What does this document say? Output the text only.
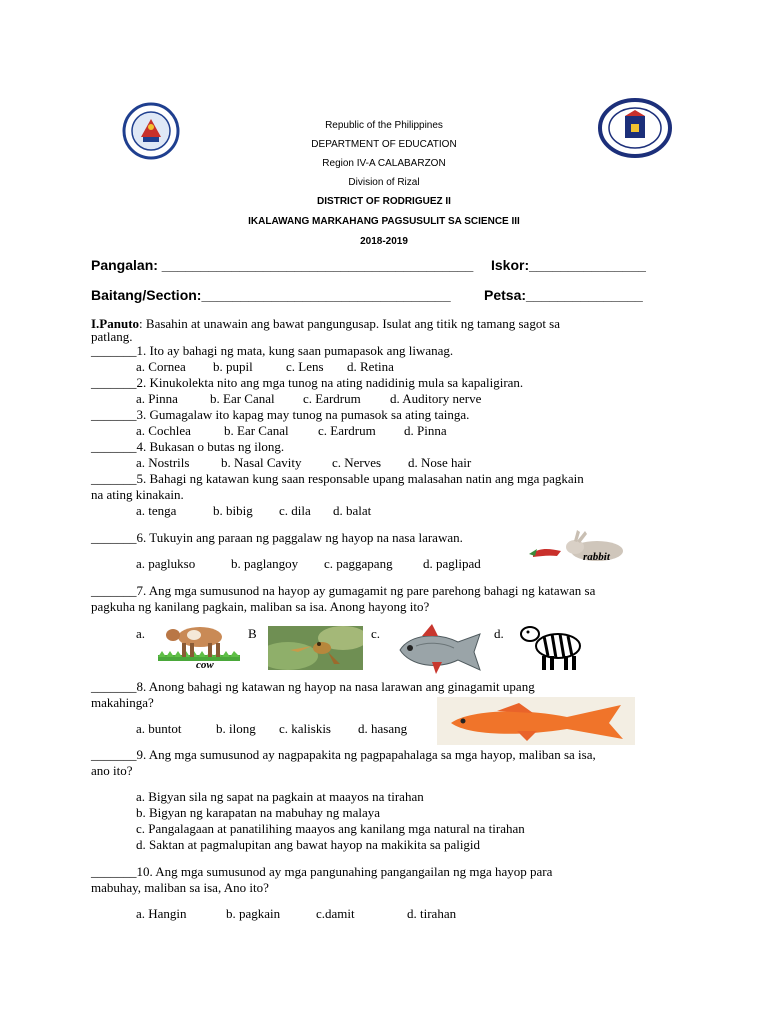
Republic of the Philippines
DEPARTMENT OF EDUCATION
Region IV-A CALABARZON
Division of Rizal
DISTRICT OF RODRIGUEZ II
IKALAWANG MARKAHANG PAGSUSULIT SA SCIENCE III
2018-2019
Pangalan: ________________________________________ Iskor:_______________
Baitang/Section:________________________________ Petsa:_______________
I.Panuto: Basahin at unawain ang bawat pangungusap. Isulat ang titik ng tamang sagot sa
patlang.
_______1. Ito ay bahagi ng mata, kung saan pumapasok ang liwanag.
a. Cornea b. pupil	c. Lens d. Retina
_______2. Kinukolekta nito ang mga tunog na ating nadidinig mula sa kapaligiran.
a. Pinna b. Ear Canal c. Eardrum d. Auditory nerve
_______3. Gumagalaw ito kapag may tunog na pumasok sa ating tainga.
a. Cochlea	b. Ear Canal c. Eardrum d. Pinna
_______4. Bukasan o butas ng ilong.
a. Nostrils b. Nasal Cavity c. Nerves d. Nose hair
_______5. Bahagi ng katawan kung saan responsable upang malasahan natin ang mga pagkain
na ating kinakain.
a. tenga	b. bibig c. dila d. balat
_______6. Tukuyin ang paraan ng paggalaw ng hayop na nasa larawan.
rabbit
a. paglukso	b. paglangoy c. paggapang d. paglipad
_______7. Ang mga sumusunod na hayop ay gumagamit ng pare parehong bahagi ng katawan sa
pagkuha ng kanilang pagkain, maliban sa isa. Anong hayong ito?
a.	B	c.	d.
cow
_______8. Anong bahagi ng katawan ng hayop na nasa larawan ang ginagamit upang
makahinga?
a. buntot	b. ilong c. kaliskis d. hasang
_______9. Ang mga sumusunod ay nagpapakita ng pagpapahalaga sa mga hayop, maliban sa isa,
ano ito?
a. Bigyan sila ng sapat na pagkain at maayos na tirahan
b. Bigyan ng karapatan na mabuhay ng malaya
c. Pangalagaan at panatilihing maayos ang kanilang mga natural na tirahan
d. Saktan at pagmalupitan ang bawat hayop na makikita sa paligid
_______10. Ang mga sumusunod ay mga pangunahing pangangailan ng mga hayop para
mabuhay, maliban sa isa, Ano ito?
a. Hangin	b. pagkain	c.damit	d. tirahan
